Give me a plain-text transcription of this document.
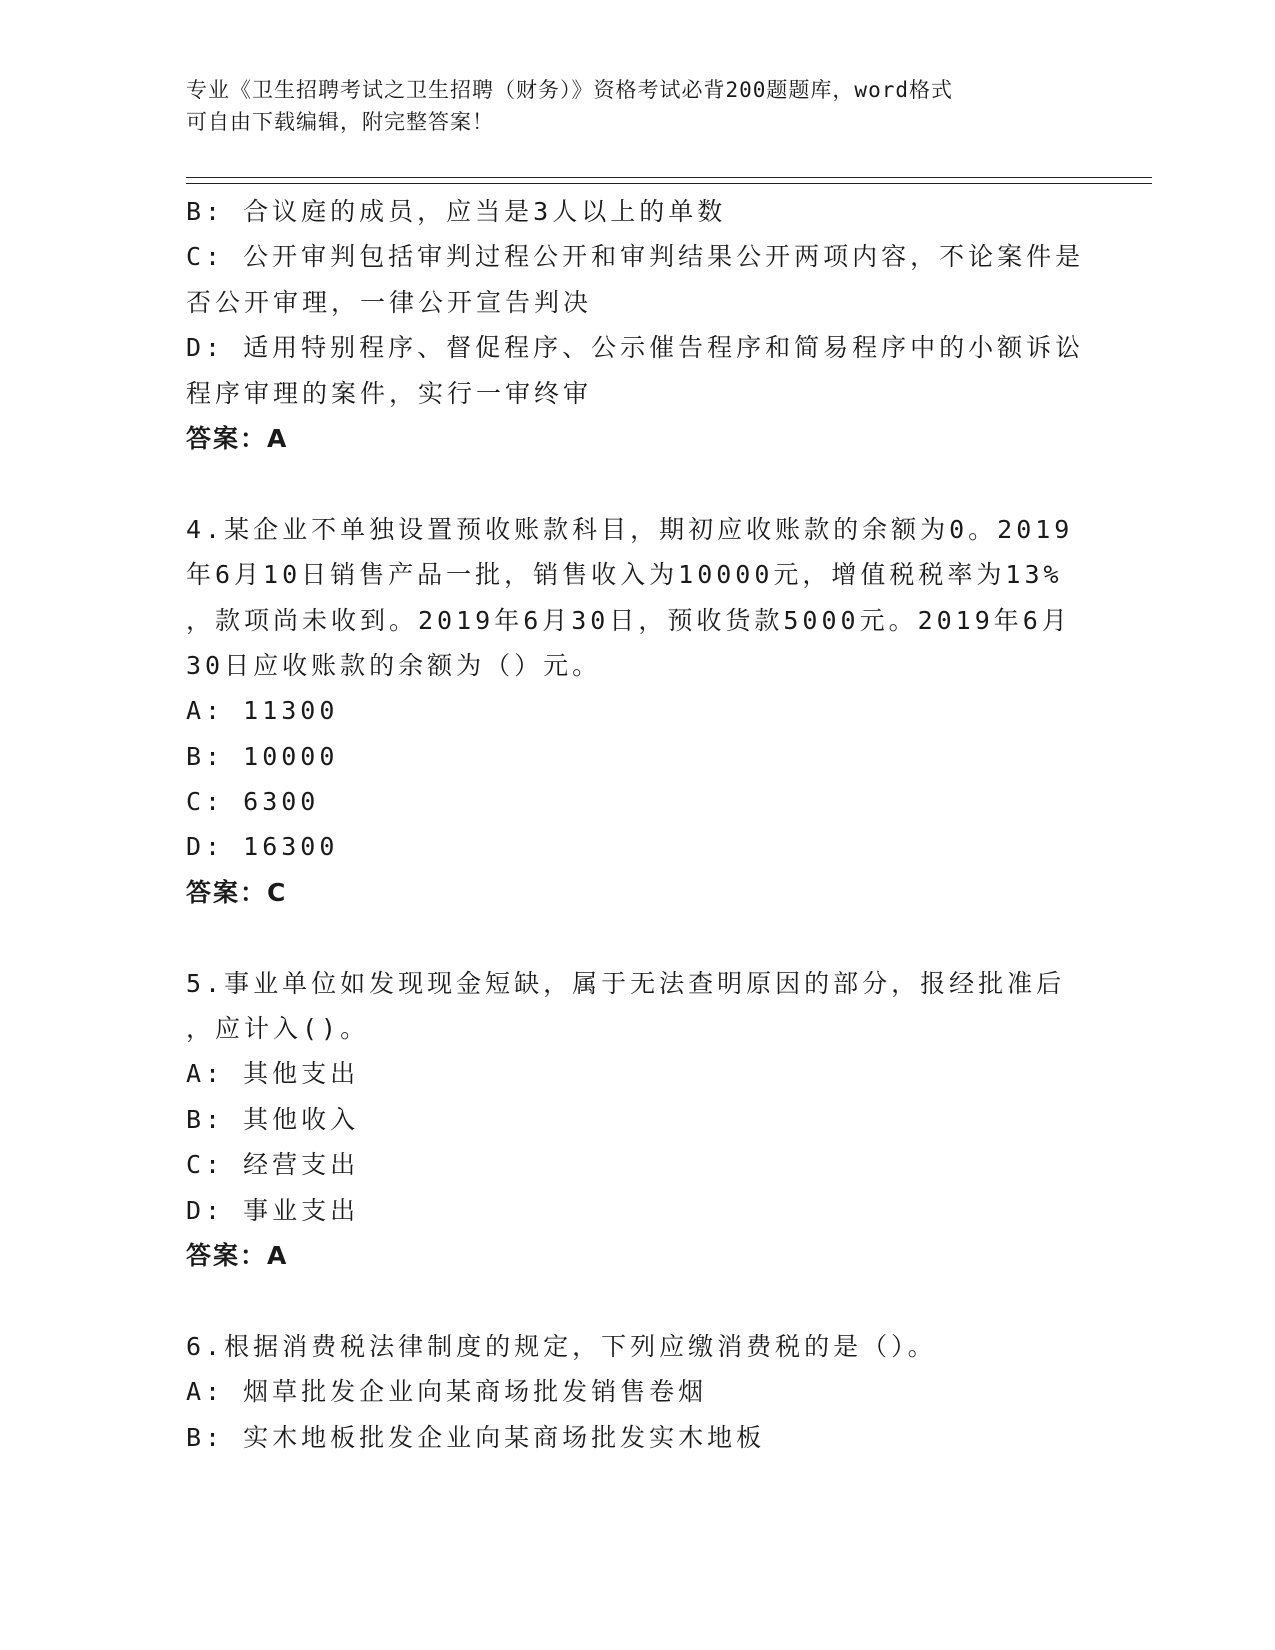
专业《卫生招聘考试之卫生招聘（财务）》资格考试必背200题题库，word格式
可自由下载编辑，附完整答案！
B: 合议庭的成员，应当是3人以上的单数
C: 公开审判包括审判过程公开和审判结果公开两项内容，不论案件是
否公开审理，一律公开宣告判决
D: 适用特别程序、督促程序、公示催告程序和简易程序中的小额诉讼
程序审理的案件，实行一审终审
答案：A
4.某企业不单独设置预收账款科目，期初应收账款的余额为0。2019
年6月10日销售产品一批，销售收入为10000元，增值税税率为13%
，款项尚未收到。2019年6月30日，预收货款5000元。2019年6月
30日应收账款的余额为（）元。
A: 11300
B: 10000
C: 6300
D: 16300
答案：C
5.事业单位如发现现金短缺，属于无法查明原因的部分，报经批准后
，应计入()。
A: 其他支出
B: 其他收入
C: 经营支出
D: 事业支出
答案：A
6.根据消费税法律制度的规定，下列应缴消费税的是（）。
A: 烟草批发企业向某商场批发销售卷烟
B: 实木地板批发企业向某商场批发实木地板
